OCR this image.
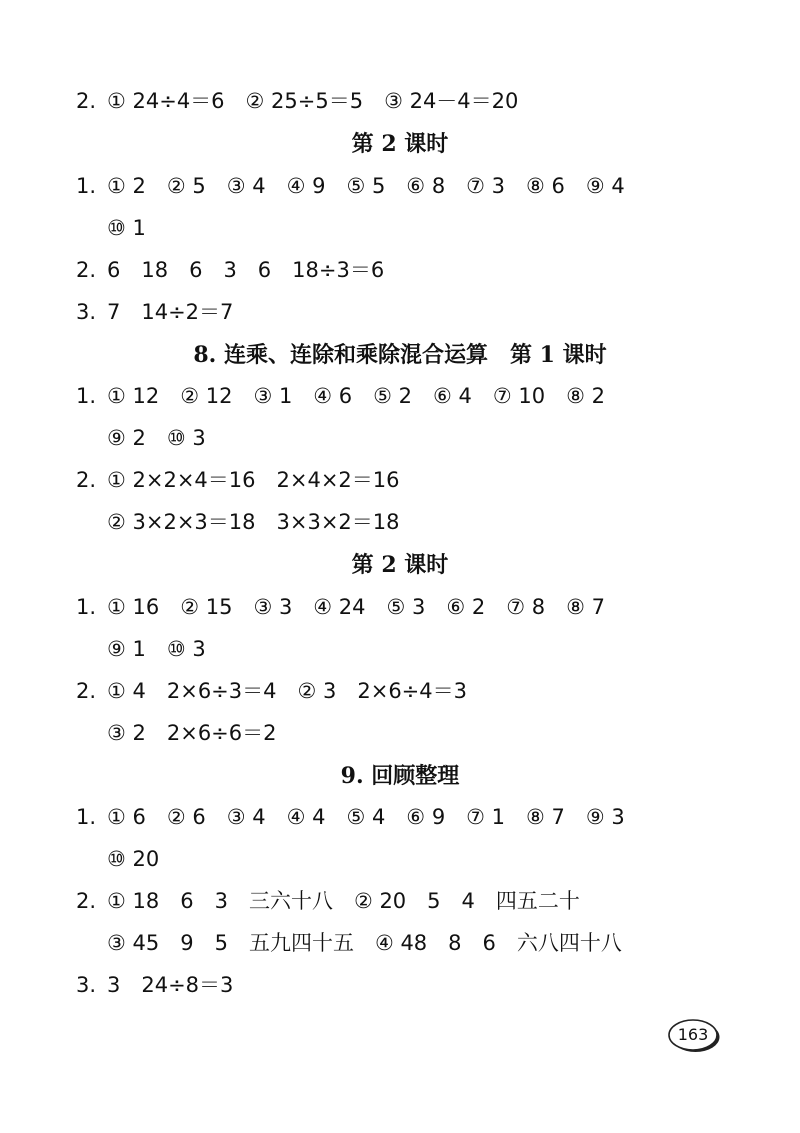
2. ① 24÷4＝6　② 25÷5＝5　③ 24－4＝20
第 2 课时
1. ① 2　② 5　③ 4　④ 9　⑤ 5　⑥ 8　⑦ 3　⑧ 6　⑨ 4
⑩ 1
2. 6　18　6　3　6　18÷3＝6
3. 7　14÷2＝7
8. 连乘、连除和乘除混合运算　第 1 课时
1. ① 12　② 12　③ 1　④ 6　⑤ 2　⑥ 4　⑦ 10　⑧ 2
⑨ 2　⑩ 3
2. ① 2×2×4＝16　2×4×2＝16
② 3×2×3＝18　3×3×2＝18
第 2 课时
1. ① 16　② 15　③ 3　④ 24　⑤ 3　⑥ 2　⑦ 8　⑧ 7
⑨ 1　⑩ 3
2. ① 4　2×6÷3＝4　② 3　2×6÷4＝3
③ 2　2×6÷6＝2
9. 回顾整理
1. ① 6　② 6　③ 4　④ 4　⑤ 4　⑥ 9　⑦ 1　⑧ 7　⑨ 3
⑩ 20
2. ① 18　6　3　三六十八　② 20　5　4　四五二十
③ 45　9　5　五九四十五　④ 48　8　6　六八四十八
3. 3　24÷8＝3
163
